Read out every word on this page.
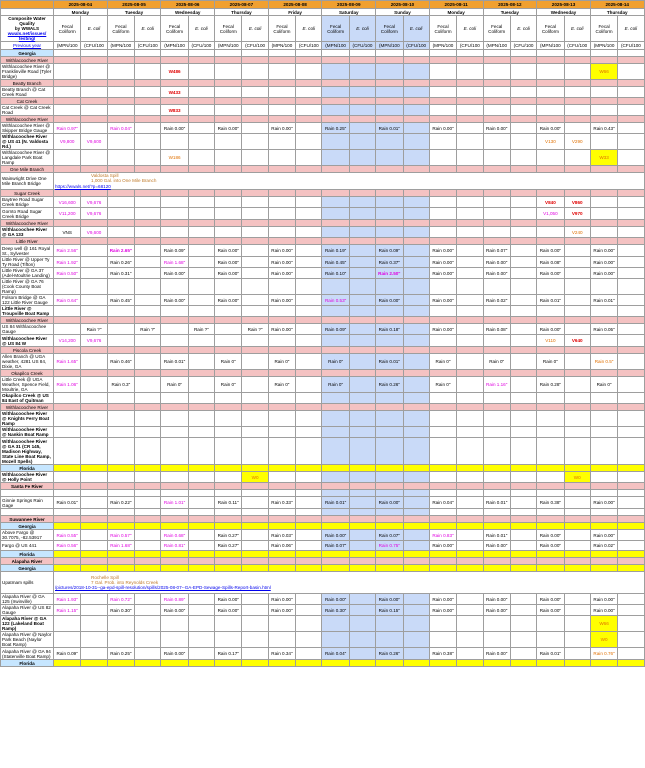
	2025-08-04		2025-08-05		2025-08-06		2025-08-07		2025-08-08		2025-08-09		2025-08-10		2025-08-11		2025-08-12		2025-08-13		2025-08-14	
	Monday		Tuesday		Wednesday		Thursday		Friday		Saturday		Sunday		Monday		Tuesday		Wednesday		Thursday	

Composite Water
Quality
by WWALS
wwals.net/issues/
testing/	Fecal Coliform	E. coli	Fecal Coliform	E. coli	Fecal Coliform	E. coli	Fecal Coliform	E. coli	Fecal Coliform	E. coli	Fecal Coliform	E. coli	Fecal Coliform	E. coli	Fecal Coliform	E. coli	Fecal Coliform	E. coli	Fecal Coliform	E. coli	Fecal Coliform	E. coli
Previous year	(MPN/100	(CFU/100	(MPN/100	(CFU/100	(MPN/100	(CFU/100	(MPN/100	(CFU/100	(MPN/100	(CFU/100	(MPN/100	(CFU/100	(MPN/100	(CFU/100	(MPN/100	(CFU/100	(MPN/100	(CFU/100	(MPN/100	(CFU/100	(MPN/100	(CFU/100
Georgia																						
Withlacoochee River																						
Withlacoochee River @ Franklinville Road (Tyler Bridge)					W486																W66	
Beatty Branch																						
Beatty Branch @ Cat Creek Road					W433																	
Cat Creek																						
Cat Creek @ Cat Creek Road					W833																	
Withlacoochee River																						
Withlacoochee River @ Skipper Bridge Gauge	Rain 0.97"		Rain 0.04"		Rain 0.00"		Rain 0.00"		Rain 0.00"		Rain 0.25"		Rain 0.01"		Rain 0.00"		Rain 0.00"		Rain 0.00"		Rain 0.43"	
Withlacoochee River @ US 41 (N. Valdosta Rd.)	V9,800	V9,600																	V130	V290		
Withlacoochee River @ Langdale Park Boat Ramp					W186																W33	
One Mile Branch																						
Wainwright Drive One Mile Branch Bridge	Valdosta Spill
1,000 Gal. into One Mile Branch
https://wwals.net/?p=68120																					

Sugar Creek																						
Baytree Road Sugar Creek Bridge	V16,600	V9,676																	V840	V860		
Gornto Road Sugar Creek Bridge	V11,200	V9,676																	V1,050	V970		
Withlacoochee River																						
Withlacoochee River @ GA 133	VNS	V9,600																		V240		
Little River																						
Deep well @ 161 Royal St., Sylvester	Rain 2.56"		Rain 2.65"		Rain 0.09"		Rain 0.00"		Rain 0.00"		Rain 0.19"		Rain 0.09"		Rain 0.00"		Rain 0.07"		Rain 0.00"		Rain 0.00"	
Little River @ Upper Ty Ty Road (Tifton)	Rain 1.92"		Rain 0.26"		Rain 1.68"		Rain 0.00"		Rain 0.00"		Rain 0.45"		Rain 0.37"		Rain 0.00"		Rain 0.00"		Rain 0.08"		Rain 0.00"	
Little River @ GA 37 (Adel-Moultrie Landing)	Rain 0.50"		Rain 0.31"		Rain 0.00"		Rain 0.00"		Rain 0.00"		Rain 0.10"		Rain 2.50"		Rain 0.00"		Rain 0.00"		Rain 0.00"		Rain 0.00"	
Little River @ GA 76 (Cook County Boat Ramp)																						
Folsom Bridge @ GA 122 Little River Gauge	Rain 0.64"		Rain 0.45"		Rain 0.00"		Rain 0.00"		Rain 0.00"		Rain 0.53"		Rain 0.00"		Rain 0.00"		Rain 0.02"		Rain 0.01"		Rain 0.01"	
Little River @ Troupville Boat Ramp																						
Withlacoochee River																						
US 84 Withlacoochee Gauge		Rain ?"		Rain ?"		Rain ?"		Rain ?"	Rain 0.00"		Rain 0.09"		Rain 0.18"		Rain 0.00"		Rain 0.08"		Rain 0.00"		Rain 0.05"	
Withlacoochee River @ US 84 W	V14,200	V9,676																	V110	V640		
Piscola Creek																						
Allen Branch @ UGA weather, 4281 US 84, Dixie, GA	Rain 1.65"		Rain 0.46"		Rain 0.01"		Rain 0"		Rain 0"		Rain 0"		Rain 0.01"		Rain 0"		Rain 0"		Rain 0"		Rain 0.5"	
Okapilco Creek																						
Little Creek @ UGA Weather, Spence Field, Moultrie, GA	Rain 1.06"		Rain 0.3"		Rain 0"		Rain 0"		Rain 0"		Rain 0"		Rain 0.26"		Rain 0"		Rain 1.16"		Rain 0.28"		Rain 0"	
Okapilco Creek @ US 84 East of Quitman																						
Withlacoochee River																						
Withlacoochee River @ Knights Ferry Boat Ramp																						
Withlacoochee River @ Nankin Boat Ramp																						
Withlacoochee River @ GA 31 (CR 145, Madison Highway, State Line Boat Ramp, Mozell Spells)																						
Florida																						
Withlacoochee River @ Holly Point								W0												W0		
Santa Fe River																						

Ginnie Springs Rain Gage	Rain 0.01"		Rain 0.22"		Rain 1.01"		Rain 0.11"		Rain 0.33"		Rain 0.01"		Rain 0.00"		Rain 0.04"		Rain 0.01"		Rain 0.38"		Rain 0.00"	

Suwannee River																						
Georgia																						
Above Fargo @ 30.7075, -82.53917	Rain 0.55"		Rain 0.57"		Rain 0.68"		Rain 0.27"		Rain 0.03"		Rain 0.00"		Rain 0.07"		Rain 0.83"		Rain 0.01"		Rain 0.00"		Rain 0.00"	
Fargo @ US 441	Rain 0.56"		Rain 1.68"		Rain 0.81"		Rain 0.27"		Rain 0.06"		Rain 0.07"		Rain 0.75"		Rain 0.00"		Rain 0.00"		Rain 0.00"		Rain 0.02"	
Florida																						
Alapaha River																						
Georgia																						
Upatmam spills	Rochelle Spill
7 Gal. Prob. into Reynolds Creek
/pictures/2018-10-31--ga-epd-spill-resolution/spills/2025-08-07--GA-EPD-Sewage-Spills-Report-basin.html																					

Alapaha River @ GA 125 (Irwinville)	Rain 1.93"		Rain 0.72"		Rain 0.89"		Rain 0.00"		Rain 0.00"		Rain 0.00"		Rain 0.00"		Rain 0.00"		Rain 0.00"		Rain 0.00"		Rain 0.00"	
Alapaha River @ US 82 Gauge	Rain 1.15"		Rain 0.30"		Rain 0.00"		Rain 0.00"		Rain 0.00"		Rain 0.30"		Rain 0.15"		Rain 0.00"		Rain 0.00"		Rain 0.00"		Rain 0.00"	
Alapaha River @ GA 122 (Lakeland Boat Ramp)																					W66	
Alapaha River @ Naylor Park Beach (Naylor Boat Ramp)																					W0	
Alapaha River @ GA 94 (Statenville Boat Ramp)	Rain 0.09"		Rain 0.25"		Rain 0.00"		Rain 0.17"		Rain 0.34"		Rain 0.04"		Rain 0.26"		Rain 0.38"		Rain 0.00"		Rain 0.01"		Rain 0.76"	
Florida																						
